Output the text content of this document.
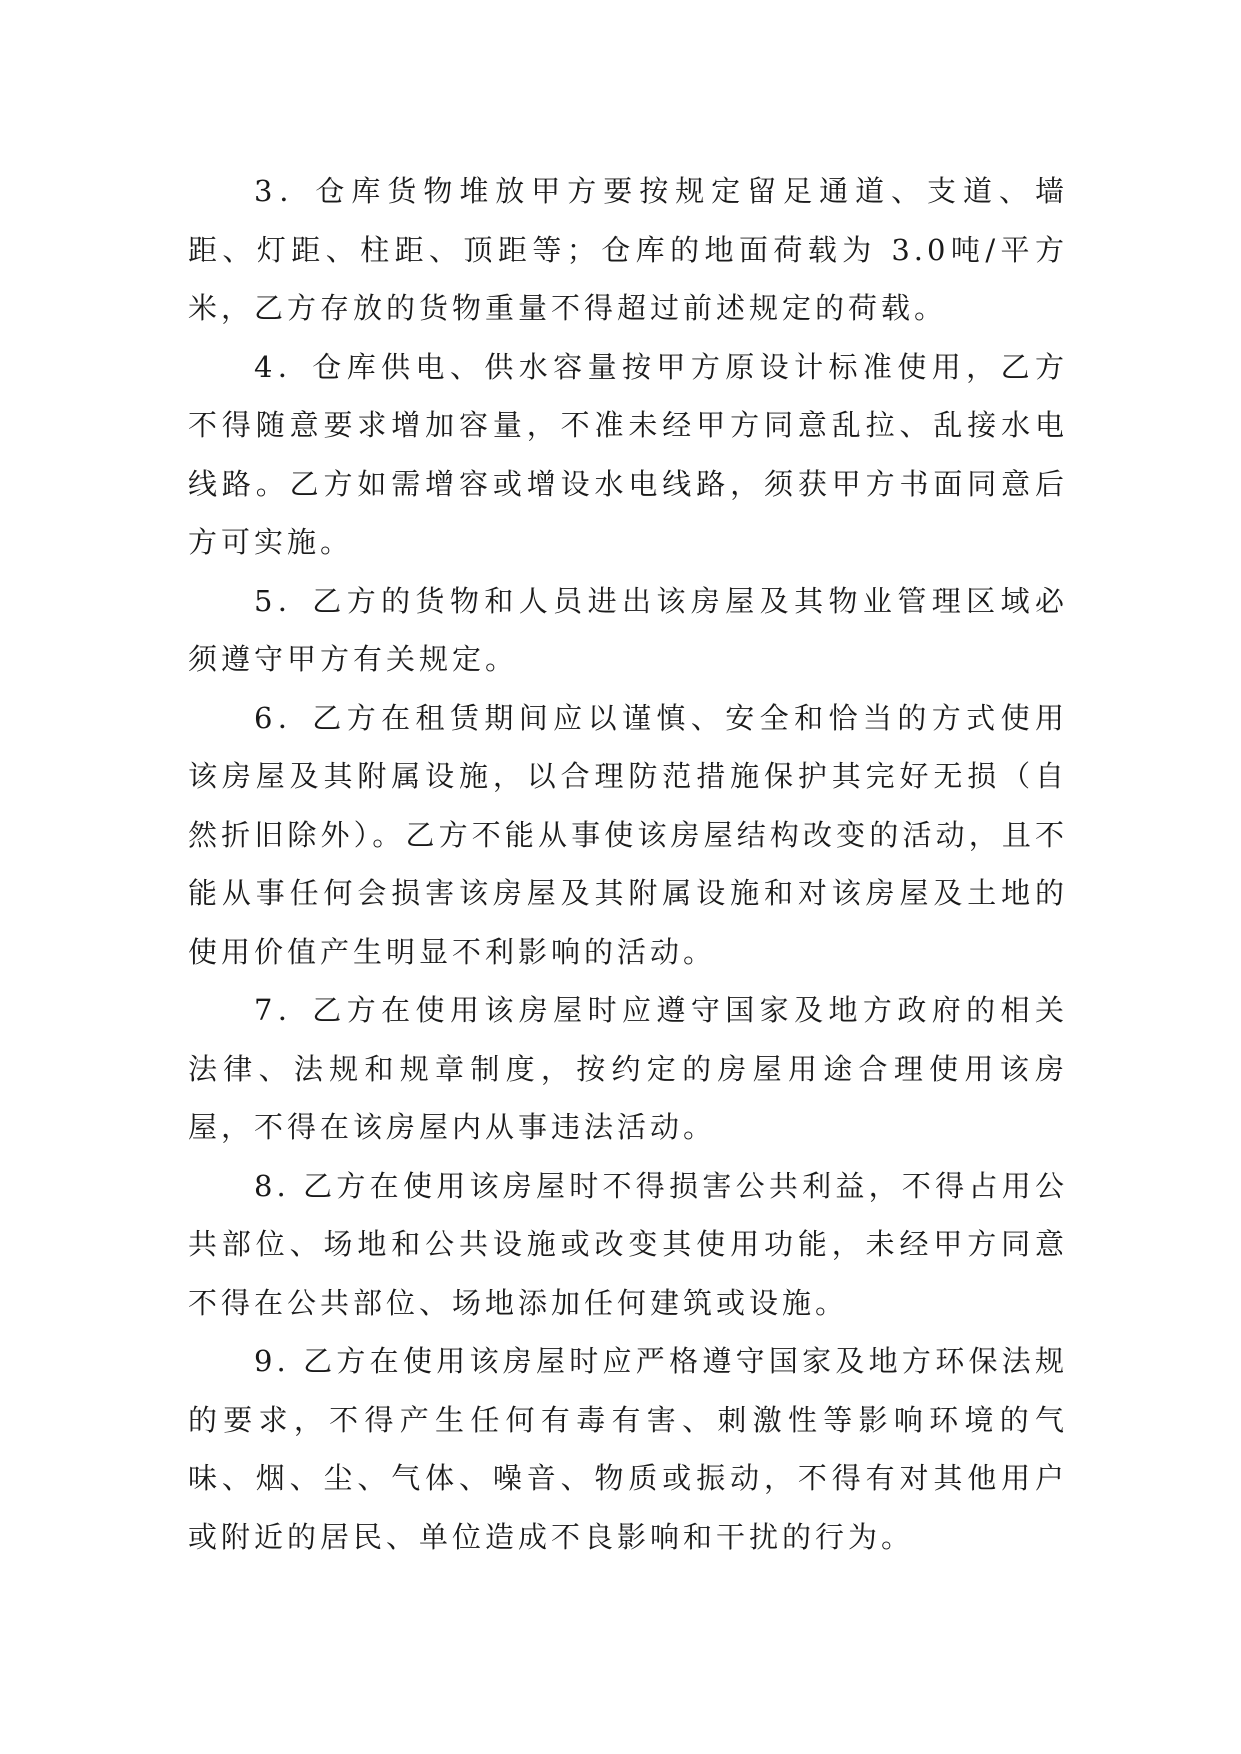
3．仓库货物堆放甲方要按规定留足通道、支道、墙距、灯距、柱距、顶距等；仓库的地面荷载为 3.0吨/平方米，乙方存放的货物重量不得超过前述规定的荷载。

4．仓库供电、供水容量按甲方原设计标准使用，乙方不得随意要求增加容量，不准未经甲方同意乱拉、乱接水电线路。乙方如需增容或增设水电线路，须获甲方书面同意后方可实施。

5．乙方的货物和人员进出该房屋及其物业管理区域必须遵守甲方有关规定。

6．乙方在租赁期间应以谨慎、安全和恰当的方式使用该房屋及其附属设施，以合理防范措施保护其完好无损（自然折旧除外）。乙方不能从事使该房屋结构改变的活动，且不能从事任何会损害该房屋及其附属设施和对该房屋及土地的使用价值产生明显不利影响的活动。

7．乙方在使用该房屋时应遵守国家及地方政府的相关法律、法规和规章制度，按约定的房屋用途合理使用该房屋，不得在该房屋内从事违法活动。

8. 乙方在使用该房屋时不得损害公共利益，不得占用公共部位、场地和公共设施或改变其使用功能，未经甲方同意不得在公共部位、场地添加任何建筑或设施。

9. 乙方在使用该房屋时应严格遵守国家及地方环保法规的要求，不得产生任何有毒有害、刺激性等影响环境的气味、烟、尘、气体、噪音、物质或振动，不得有对其他用户或附近的居民、单位造成不良影响和干扰的行为。
